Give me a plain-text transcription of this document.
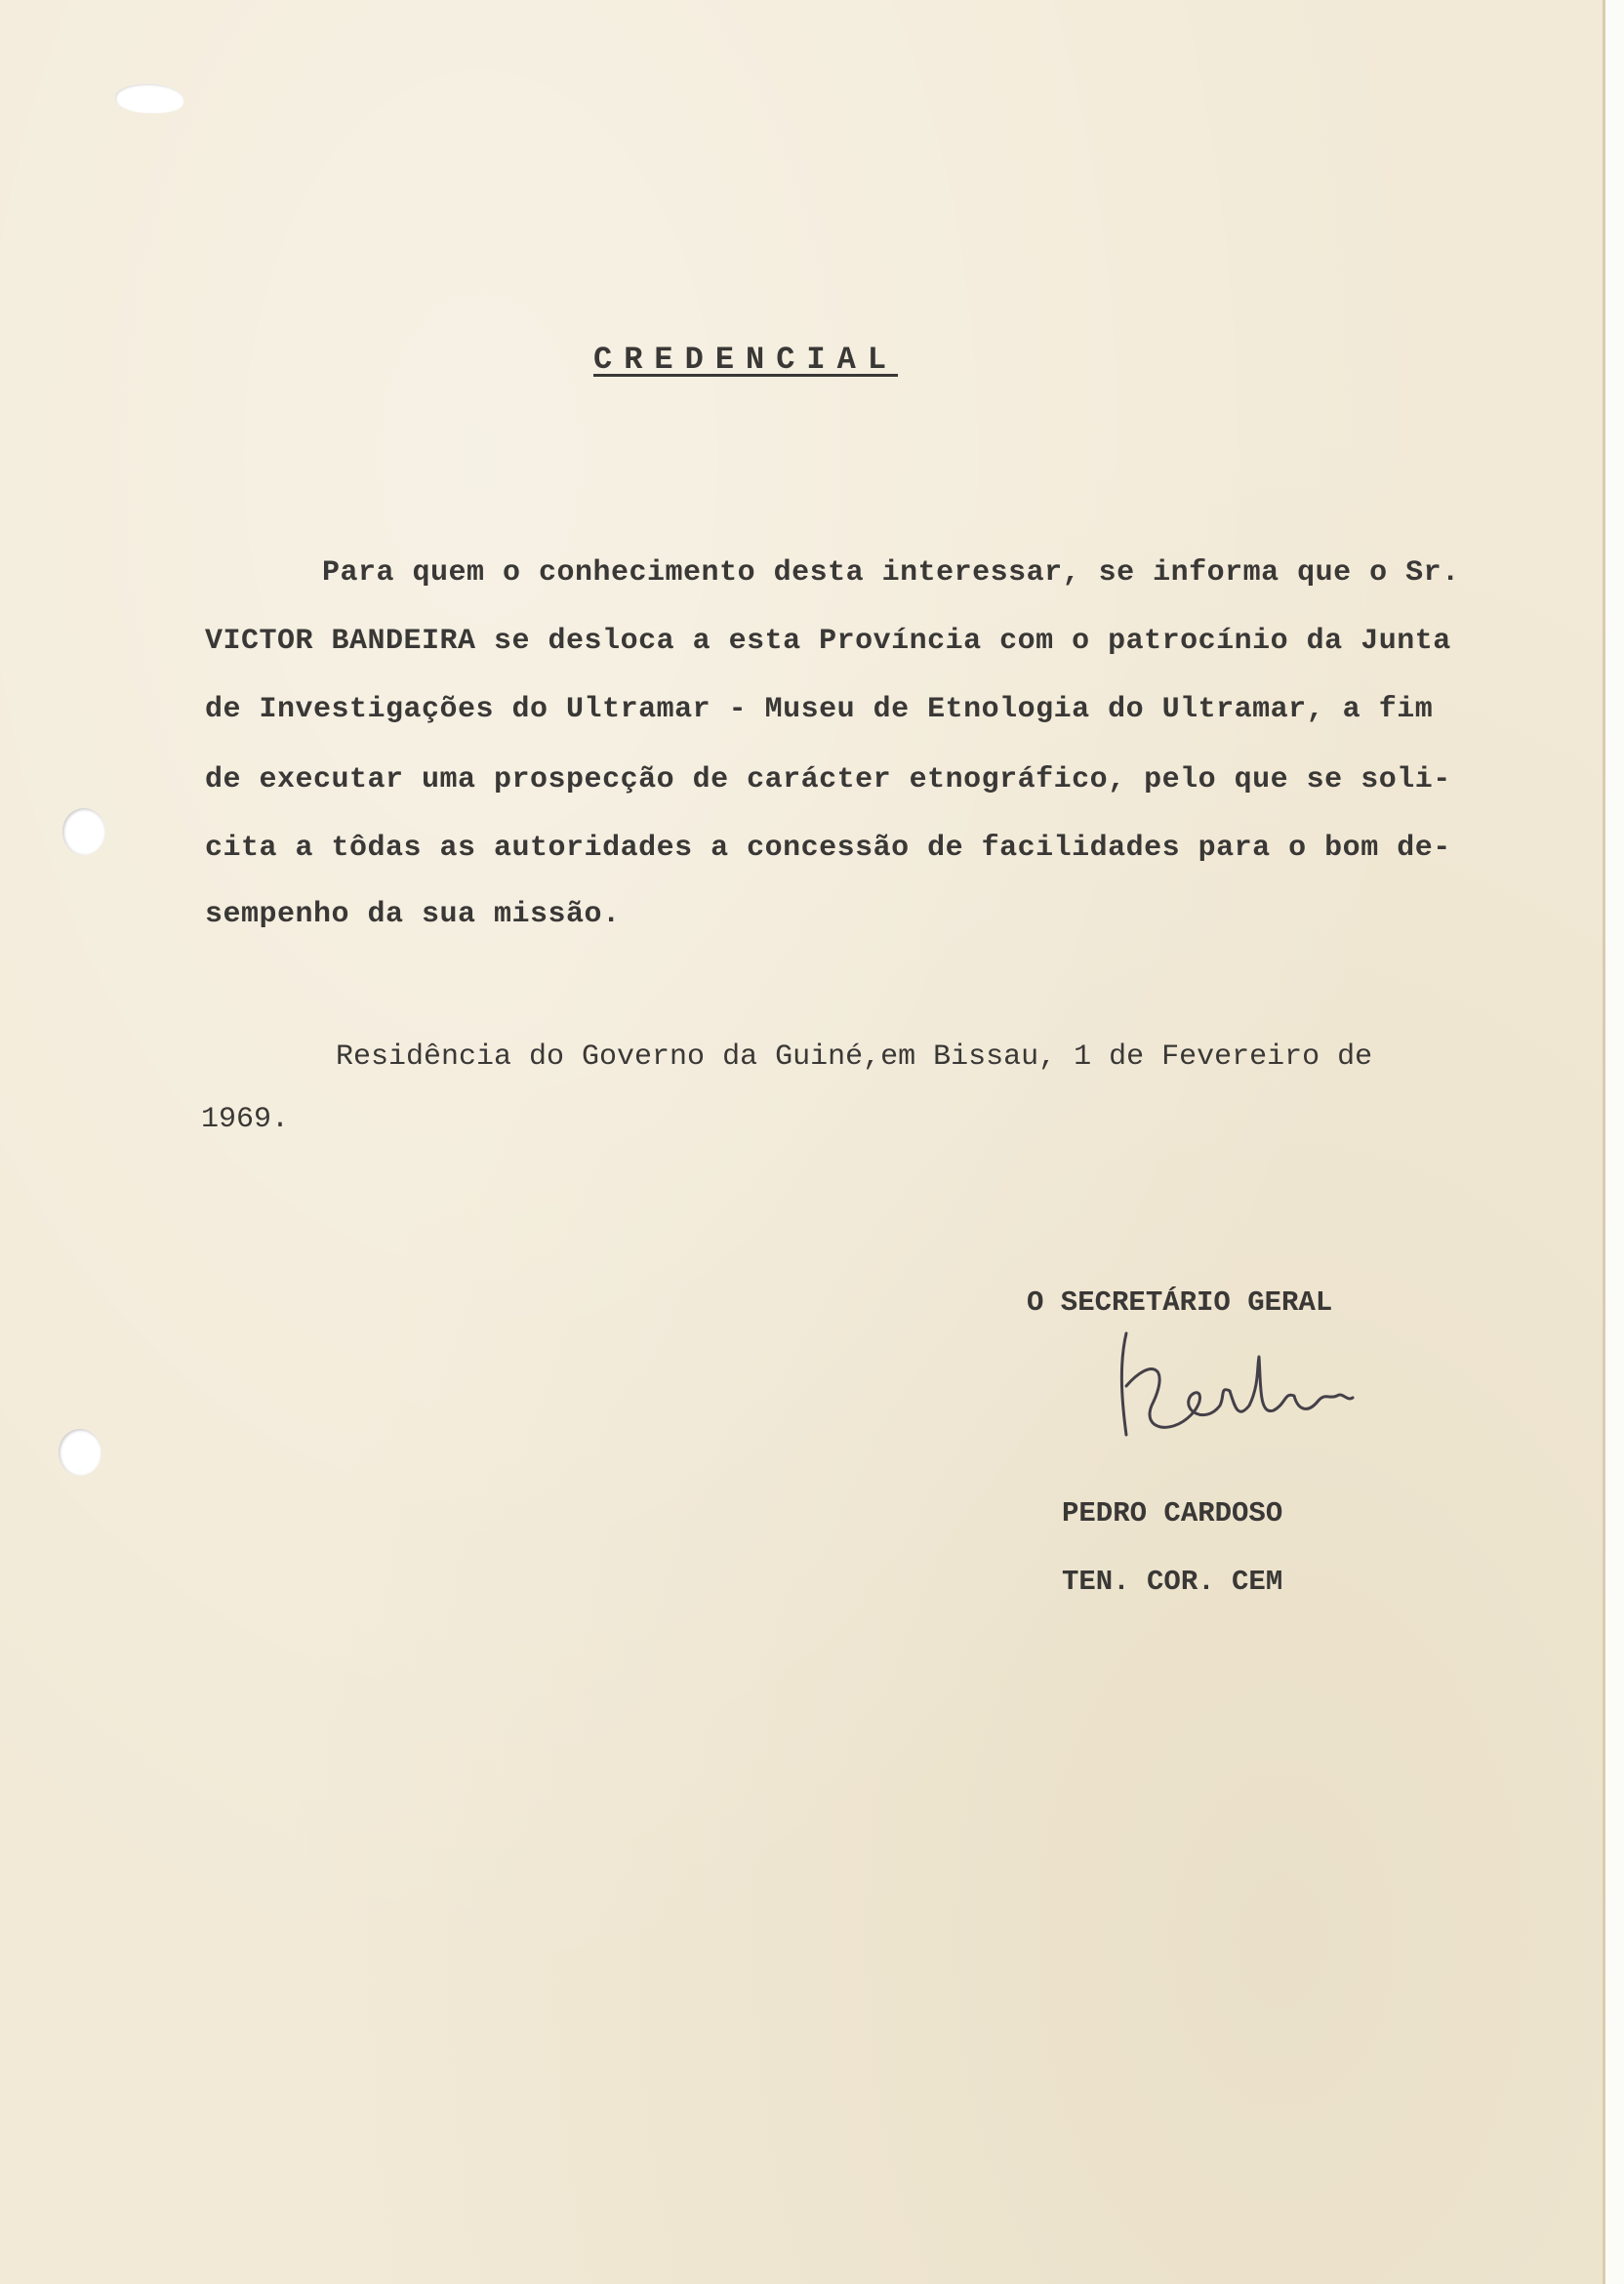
CREDENCIAL
Para quem o conhecimento desta interessar, se informa que o Sr.
VICTOR BANDEIRA se desloca a esta Província com o patrocínio da Junta
de Investigações do Ultramar - Museu de Etnologia do Ultramar, a fim
de executar uma prospecção de carácter etnográfico, pelo que se soli-
cita a tôdas as autoridades a concessão de facilidades para o bom de-
sempenho da sua missão.
Residência do Governo da Guiné,em Bissau, 1 de Fevereiro de
1969.
O SECRETÁRIO GERAL
PEDRO CARDOSO
TEN. COR. CEM
